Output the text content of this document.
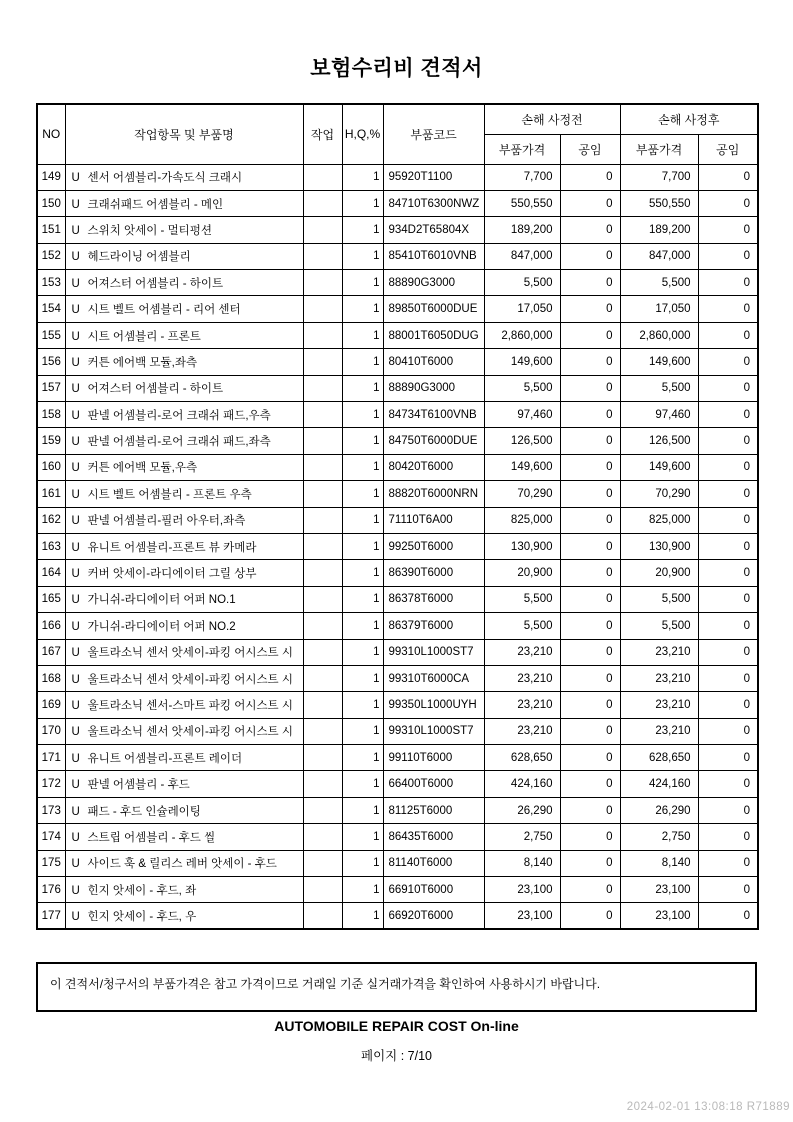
보험수리비 견적서
NO	작업항목 및 부품명	작업	H,Q,%	부품코드	손해 사정전		손해 사정후	
					부품가격	공임	부품가격	공임
149	U 센서 어셈블리-가속도식 크래시		1	95920T1100	7,700	0	7,700	0
150	U 크래쉬패드 어셈블리 - 메인		1	84710T6300NWZ	550,550	0	550,550	0
151	U 스위치 앗세이 - 멀티펑션		1	934D2T65804X	189,200	0	189,200	0
152	U 헤드라이닝 어셈블리		1	85410T6010VNB	847,000	0	847,000	0
153	U 어져스터 어셈블리 - 하이트		1	88890G3000	5,500	0	5,500	0
154	U 시트 벨트 어셈블리 - 리어 센터		1	89850T6000DUE	17,050	0	17,050	0
155	U 시트 어셈블리 - 프론트		1	88001T6050DUG	2,860,000	0	2,860,000	0
156	U 커튼 에어백 모듈,좌측		1	80410T6000	149,600	0	149,600	0
157	U 어져스터 어셈블리 - 하이트		1	88890G3000	5,500	0	5,500	0
158	U 판넬 어셈블리-로어 크래쉬 패드,우측		1	84734T6100VNB	97,460	0	97,460	0
159	U 판넬 어셈블리-로어 크래쉬 패드,좌측		1	84750T6000DUE	126,500	0	126,500	0
160	U 커튼 에어백 모듈,우측		1	80420T6000	149,600	0	149,600	0
161	U 시트 벨트 어셈블리 - 프론트 우측		1	88820T6000NRN	70,290	0	70,290	0
162	U 판넬 어셈블리-필러 아우터,좌측		1	71110T6A00	825,000	0	825,000	0
163	U 유니트 어셈블리-프론트 뷰 카메라		1	99250T6000	130,900	0	130,900	0
164	U 커버 앗세이-라디에이터 그릴 상부		1	86390T6000	20,900	0	20,900	0
165	U 가니쉬-라디에이터 어퍼 NO.1		1	86378T6000	5,500	0	5,500	0
166	U 가니쉬-라디에이터 어퍼 NO.2		1	86379T6000	5,500	0	5,500	0
167	U 울트라소닉 센서 앗세이-파킹 어시스트 시		1	99310L1000ST7	23,210	0	23,210	0
168	U 울트라소닉 센서 앗세이-파킹 어시스트 시		1	99310T6000CA	23,210	0	23,210	0
169	U 울트라소닉 센서-스마트 파킹 어시스트 시		1	99350L1000UYH	23,210	0	23,210	0
170	U 울트라소닉 센서 앗세이-파킹 어시스트 시		1	99310L1000ST7	23,210	0	23,210	0
171	U 유니트 어셈블리-프론트 레이더		1	99110T6000	628,650	0	628,650	0
172	U 판넬 어셈블리 - 후드		1	66400T6000	424,160	0	424,160	0
173	U 패드 - 후드 인슐레이팅		1	81125T6000	26,290	0	26,290	0
174	U 스트립 어셈블리 - 후드 씰		1	86435T6000	2,750	0	2,750	0
175	U 사이드 훅 & 릴리스 레버 앗세이 - 후드		1	81140T6000	8,140	0	8,140	0
176	U 힌지 앗세이 - 후드, 좌		1	66910T6000	23,100	0	23,100	0
177	U 힌지 앗세이 - 후드, 우		1	66920T6000	23,100	0	23,100	0
이 견적서/청구서의 부품가격은 참고 가격이므로 거래일 기준 실거래가격을 확인하여 사용하시기 바랍니다.
AUTOMOBILE REPAIR COST On-line
페이지 : 7/10
2024-02-01 13:08:18 R71889
